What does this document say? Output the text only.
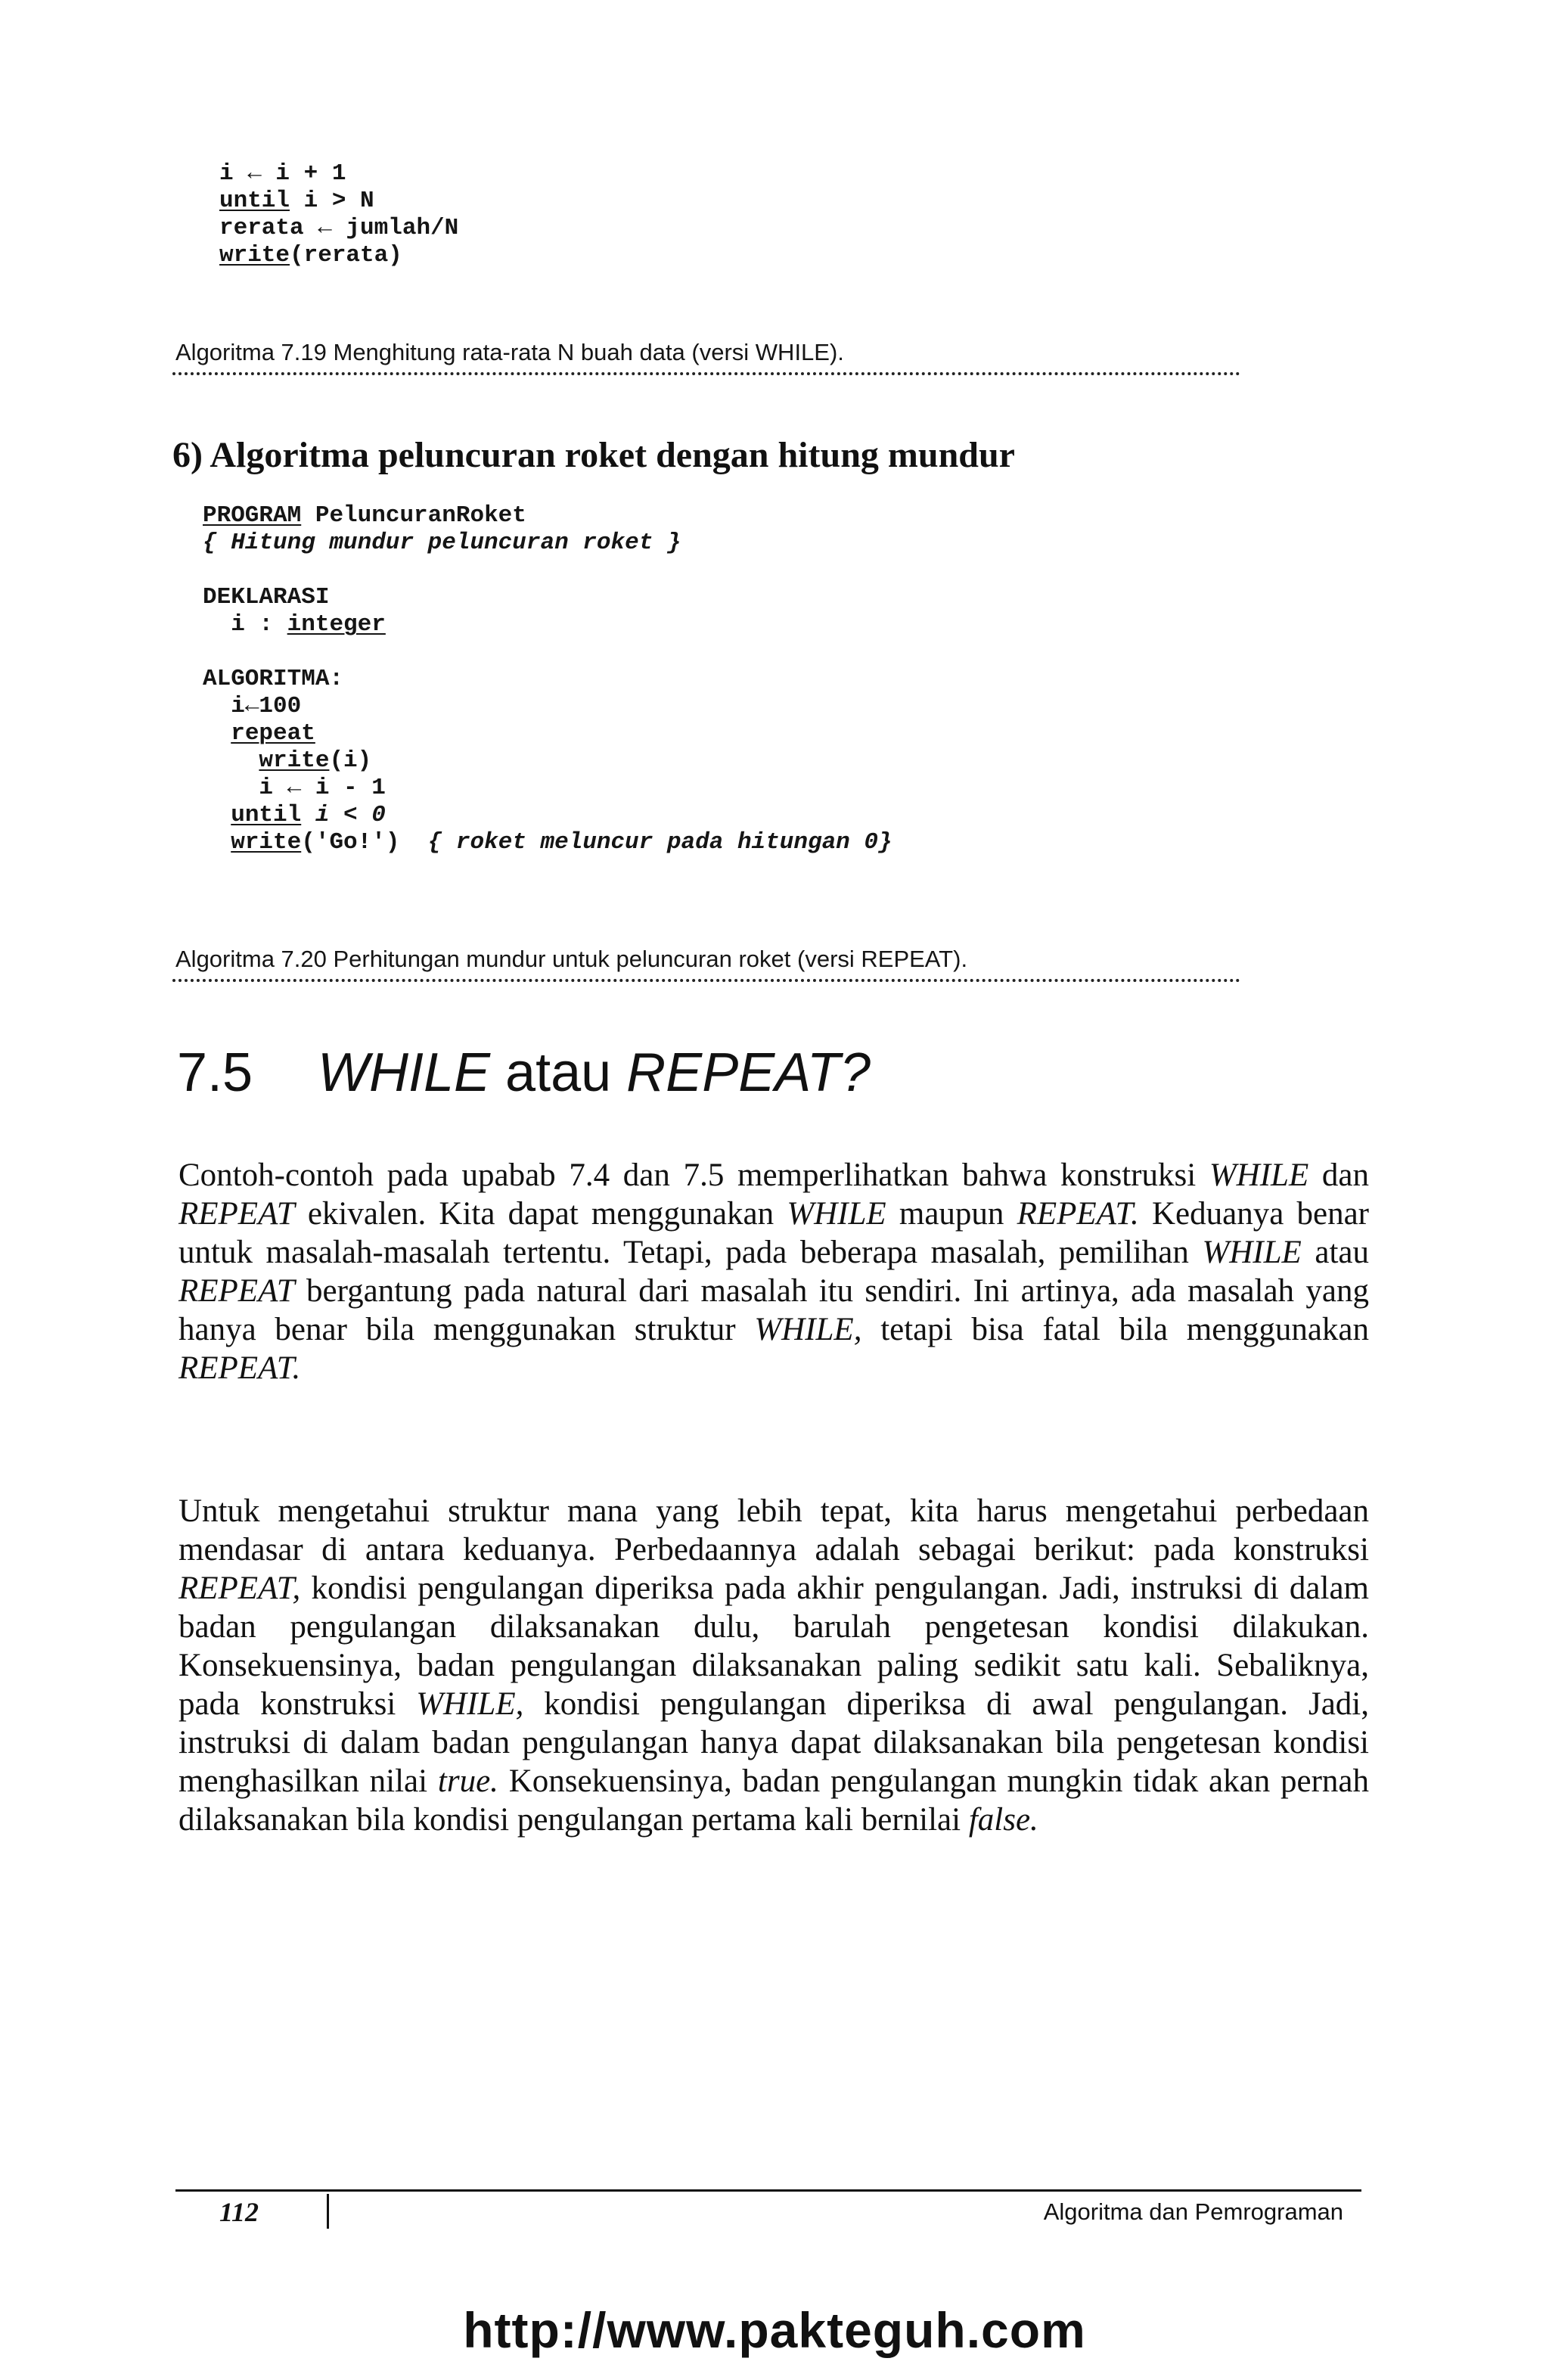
i ← i + 1
until i > N
rerata ← jumlah/N
write(rerata)
Algoritma 7.19 Menghitung rata-rata N buah data (versi WHILE).
6) Algoritma peluncuran roket dengan hitung mundur
PROGRAM PeluncuranRoket
{ Hitung mundur peluncuran roket }

DEKLARASI
i : integer

ALGORITMA:
i←100
repeat
write(i)
i ← i - 1
until i < 0
write('Go!') { roket meluncur pada hitungan 0}
Algoritma 7.20 Perhitungan mundur untuk peluncuran roket (versi REPEAT).
7.5 WHILE atau REPEAT?
Contoh-contoh pada upabab 7.4 dan 7.5 memperlihatkan bahwa konstruksi WHILE dan REPEAT ekivalen. Kita dapat menggunakan WHILE maupun REPEAT. Keduanya benar untuk masalah-masalah tertentu. Tetapi, pada beberapa masalah, pemilihan WHILE atau REPEAT bergantung pada natural dari masalah itu sendiri. Ini artinya, ada masalah yang hanya benar bila menggunakan struktur WHILE, tetapi bisa fatal bila menggunakan REPEAT.
Untuk mengetahui struktur mana yang lebih tepat, kita harus mengetahui perbedaan mendasar di antara keduanya. Perbedaannya adalah sebagai berikut: pada konstruksi REPEAT, kondisi pengulangan diperiksa pada akhir pengulangan. Jadi, instruksi di dalam badan pengulangan dilaksanakan dulu, barulah pengetesan kondisi dilakukan. Konsekuensinya, badan pengulangan dilaksanakan paling sedikit satu kali. Sebaliknya, pada konstruksi WHILE, kondisi pengulangan diperiksa di awal pengulangan. Jadi, instruksi di dalam badan pengulangan hanya dapat dilaksanakan bila pengetesan kondisi menghasilkan nilai true. Konsekuensinya, badan pengulangan mungkin tidak akan pernah dilaksanakan bila kondisi pengulangan pertama kali bernilai false.
112	Algoritma dan Pemrograman
http://www.pakteguh.com
